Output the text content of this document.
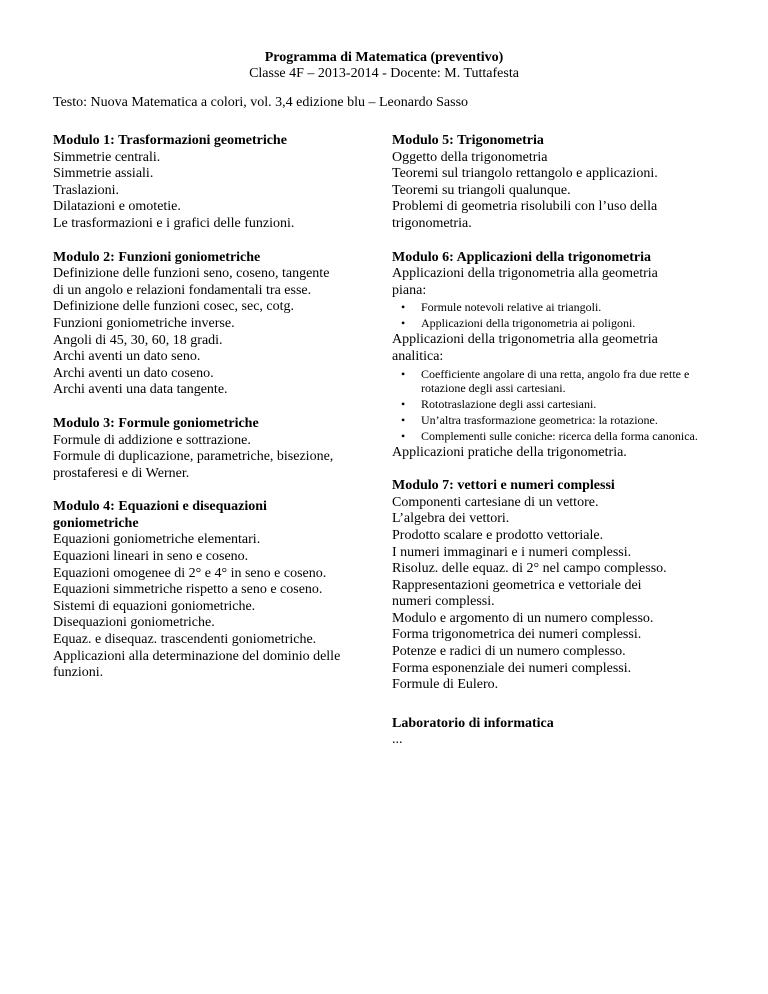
Programma di Matematica (preventivo)
Classe 4F – 2013-2014 - Docente: M. Tuttafesta
Testo: Nuova Matematica a colori, vol. 3,4 edizione blu – Leonardo Sasso
Modulo 1: Trasformazioni geometriche
Simmetrie centrali.
Simmetrie assiali.
Traslazioni.
Dilatazioni e omotetie.
Le trasformazioni e i grafici delle funzioni.
Modulo 2: Funzioni goniometriche
Definizione delle funzioni seno, coseno, tangente
di un angolo e relazioni fondamentali tra esse.
Definizione delle funzioni cosec, sec, cotg.
Funzioni goniometriche inverse.
Angoli di 45, 30, 60, 18 gradi.
Archi aventi un dato seno.
Archi aventi un dato coseno.
Archi aventi una data tangente.
Modulo 3: Formule goniometriche
Formule di addizione e sottrazione.
Formule di duplicazione, parametriche, bisezione,
prostaferesi e di Werner.
Modulo 4: Equazioni e disequazioni
goniometriche
Equazioni goniometriche elementari.
Equazioni lineari in seno e coseno.
Equazioni omogenee di 2° e 4° in seno e coseno.
Equazioni simmetriche rispetto a seno e coseno.
Sistemi di equazioni goniometriche.
Disequazioni goniometriche.
Equaz. e disequaz. trascendenti goniometriche.
Applicazioni alla determinazione del dominio delle
funzioni.
Modulo 5: Trigonometria
Oggetto della trigonometria
Teoremi sul triangolo rettangolo e applicazioni.
Teoremi su triangoli qualunque.
Problemi di geometria risolubili con l’uso della
trigonometria.
Modulo 6: Applicazioni della trigonometria
Applicazioni della trigonometria alla geometria
piana:
• Formule notevoli relative ai triangoli.
• Applicazioni della trigonometria ai poligoni.
Applicazioni della trigonometria alla geometria
analitica:
• Coefficiente angolare di una retta, angolo fra due rette e rotazione degli assi cartesiani.
• Rototraslazione degli assi cartesiani.
• Un’altra trasformazione geometrica: la rotazione.
• Complementi sulle coniche: ricerca della forma canonica.
Applicazioni pratiche della trigonometria.
Modulo 7: vettori e numeri complessi
Componenti cartesiane di un vettore.
L’algebra dei vettori.
Prodotto scalare e prodotto vettoriale.
I numeri immaginari e i numeri complessi.
Risoluz. delle equaz. di 2° nel campo complesso.
Rappresentazioni geometrica e vettoriale dei
numeri complessi.
Modulo e argomento di un numero complesso.
Forma trigonometrica dei numeri complessi.
Potenze e radici di un numero complesso.
Forma esponenziale dei numeri complessi.
Formule di Eulero.
Laboratorio di informatica
...
